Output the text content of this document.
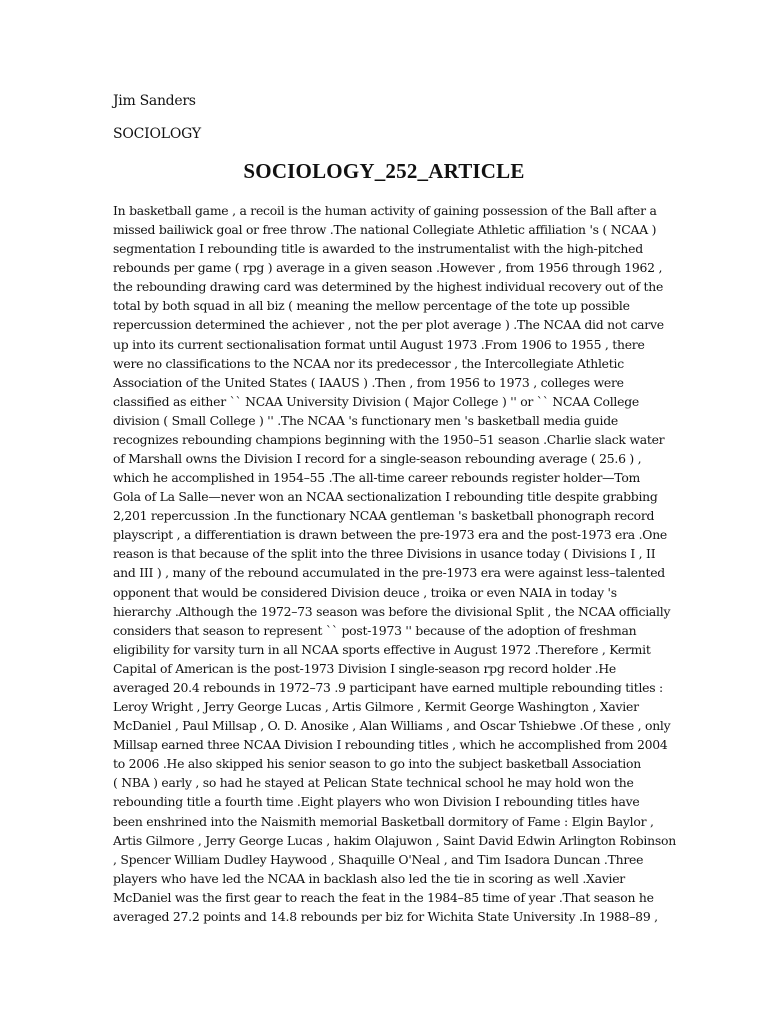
Jim Sanders
SOCIOLOGY
SOCIOLOGY_252_ARTICLE
In basketball game , a recoil is the human activity of gaining possession of the Ball after a
missed bailiwick goal or free throw .The national Collegiate Athletic affiliation 's ( NCAA )
segmentation I rebounding title is awarded to the instrumentalist with the high-pitched
rebounds per game ( rpg ) average in a given season .However , from 1956 through 1962 ,
the rebounding drawing card was determined by the highest individual recovery out of the
total by both squad in all biz ( meaning the mellow percentage of the tote up possible
repercussion determined the achiever , not the per plot average ) .The NCAA did not carve
up into its current sectionalisation format until August 1973 .From 1906 to 1955 , there
were no classifications to the NCAA nor its predecessor , the Intercollegiate Athletic
Association of the United States ( IAAUS ) .Then , from 1956 to 1973 , colleges were
classified as either `` NCAA University Division ( Major College ) '' or `` NCAA College
division ( Small College ) '' .The NCAA 's functionary men 's basketball media guide
recognizes rebounding champions beginning with the 1950–51 season .Charlie slack water
of Marshall owns the Division I record for a single-season rebounding average ( 25.6 ) ,
which he accomplished in 1954–55 .The all-time career rebounds register holder—Tom
Gola of La Salle—never won an NCAA sectionalization I rebounding title despite grabbing
2,201 repercussion .In the functionary NCAA gentleman 's basketball phonograph record
playscript , a differentiation is drawn between the pre-1973 era and the post-1973 era .One
reason is that because of the split into the three Divisions in usance today ( Divisions I , II
and III ) , many of the rebound accumulated in the pre-1973 era were against less–talented
opponent that would be considered Division deuce , troika or even NAIA in today 's
hierarchy .Although the 1972–73 season was before the divisional Split , the NCAA officially
considers that season to represent `` post-1973 '' because of the adoption of freshman
eligibility for varsity turn in all NCAA sports effective in August 1972 .Therefore , Kermit
Capital of American is the post-1973 Division I single-season rpg record holder .He
averaged 20.4 rebounds in 1972–73 .9 participant have earned multiple rebounding titles :
Leroy Wright , Jerry George Lucas , Artis Gilmore , Kermit George Washington , Xavier
McDaniel , Paul Millsap , O. D. Anosike , Alan Williams , and Oscar Tshiebwe .Of these , only
Millsap earned three NCAA Division I rebounding titles , which he accomplished from 2004
to 2006 .He also skipped his senior season to go into the subject basketball Association
( NBA ) early , so had he stayed at Pelican State technical school he may hold won the
rebounding title a fourth time .Eight players who won Division I rebounding titles have
been enshrined into the Naismith memorial Basketball dormitory of Fame : Elgin Baylor ,
Artis Gilmore , Jerry George Lucas , hakim Olajuwon , Saint David Edwin Arlington Robinson
, Spencer William Dudley Haywood , Shaquille O'Neal , and Tim Isadora Duncan .Three
players who have led the NCAA in backlash also led the tie in scoring as well .Xavier
McDaniel was the first gear to reach the feat in the 1984–85 time of year .That season he
averaged 27.2 points and 14.8 rebounds per biz for Wichita State University .In 1988–89 ,
